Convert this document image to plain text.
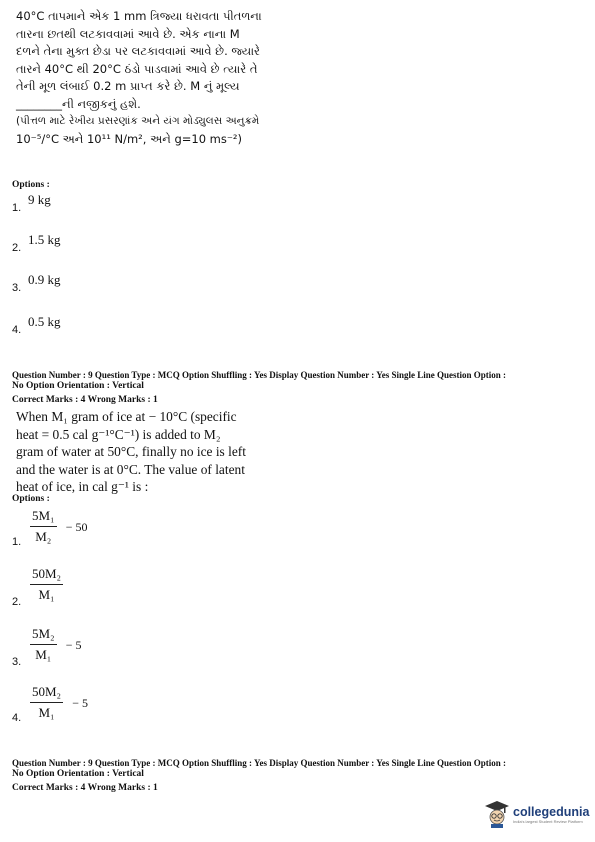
40°C તાપમાને એક 1 mm ત્રિજ્યા ધરાવતા પીતળના
તારના છતથી લટકાવવામાં આવે છે. એક નાના M
દળને તેના મુક્ત છેડા પર લટકાવવામાં આવે છે. જ્યારે
તારને 40°C થી 20°C ઠંડો પાડવામાં આવે છે ત્યારે તે
તેની મૂળ લંબાઈ 0.2 m પ્રાપ્ત કરે છે. M નું મૂલ્ય
________ની નજીકનું હશે.
(પીત્તળ માટે રેખીય પ્રસરણાંક અને યંગ મોડ્યુલસ અનુક્રમે
10⁻⁵/°C અને 10¹¹ N/m², અને g=10 ms⁻²)
Options :
1.
9 kg
2.
1.5 kg
3.
0.9 kg
4.
0.5 kg
Question Number : 9 Question Type : MCQ Option Shuffling : Yes Display Question Number : Yes Single Line Question Option :
No Option Orientation : Vertical
Correct Marks : 4 Wrong Marks : 1
When M₁ gram of ice at − 10°C (specific
heat = 0.5 cal g⁻¹°C⁻¹) is added to M₂
gram of water at 50°C, finally no ice is left
and the water is at 0°C. The value of latent
heat of ice, in cal g⁻¹ is :
Options :
1. $\frac{\text{5M₁}}{\text{M₂}} - 50$
2. $\frac{\text{50M₂}}{\text{M₁}}$
3. $\frac{\text{5M₂}}{\text{M₁}} - 5$
4. $\frac{\text{50M₂}}{\text{M₁}} - 5$
Question Number : 9 Question Type : MCQ Option Shuffling : Yes Display Question Number : Yes Single Line Question Option :
No Option Orientation : Vertical
Correct Marks : 4 Wrong Marks : 1
collegedunia
India's largest Student Review Platform
